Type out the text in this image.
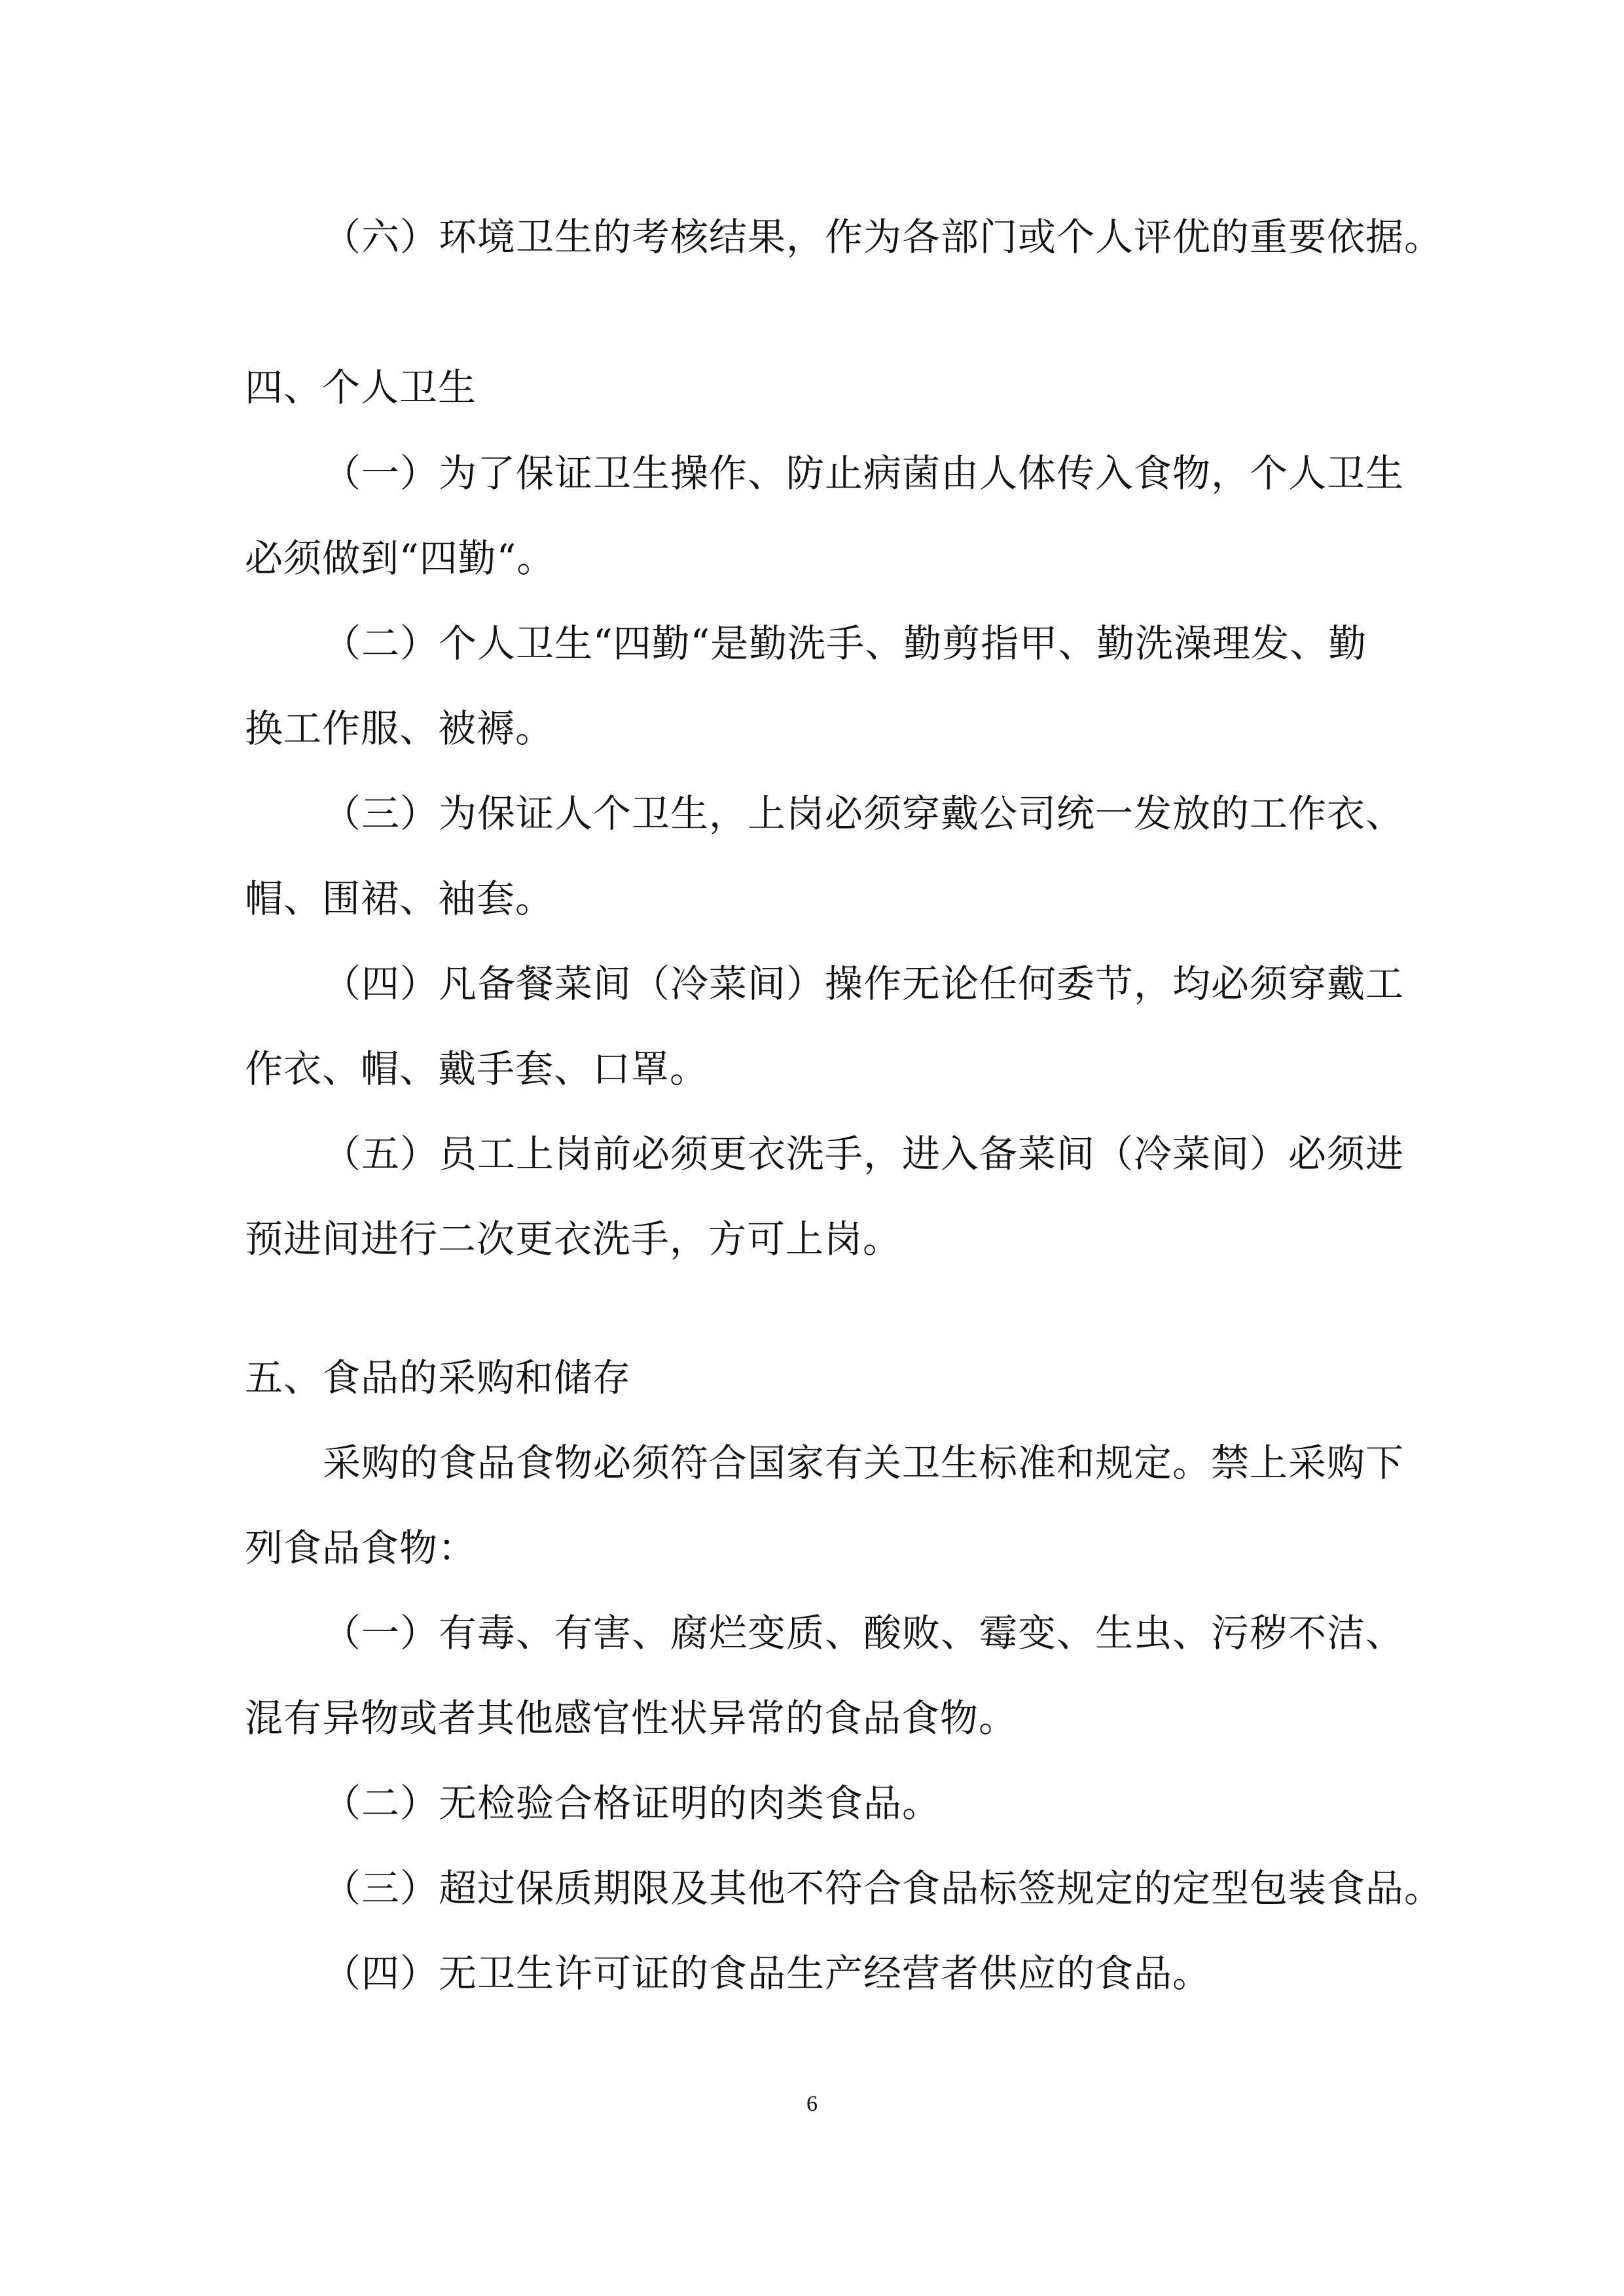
（六）环境卫生的考核结果，作为各部门或个人评优的重要依据。
四、个人卫生
（一）为了保证卫生操作、防止病菌由人体传入食物，个人卫生
必须做到“四勤“。
（二）个人卫生“四勤“是勤洗手、勤剪指甲、勤洗澡理发、勤
换工作服、被褥。
（三）为保证人个卫生，上岗必须穿戴公司统一发放的工作衣、
帽、围裙、袖套。
（四）凡备餐菜间（冷菜间）操作无论任何委节，均必须穿戴工
作衣、帽、戴手套、口罩。
（五）员工上岗前必须更衣洗手，进入备菜间（冷菜间）必须进
预进间进行二次更衣洗手，方可上岗。
五、食品的采购和储存
采购的食品食物必须符合国家有关卫生标准和规定。禁上采购下
列食品食物：
（一）有毒、有害、腐烂变质、酸败、霉变、生虫、污秽不洁、
混有异物或者其他感官性状异常的食品食物。
（二）无检验合格证明的肉类食品。
（三）超过保质期限及其他不符合食品标签规定的定型包装食品。
（四）无卫生许可证的食品生产经营者供应的食品。
6
